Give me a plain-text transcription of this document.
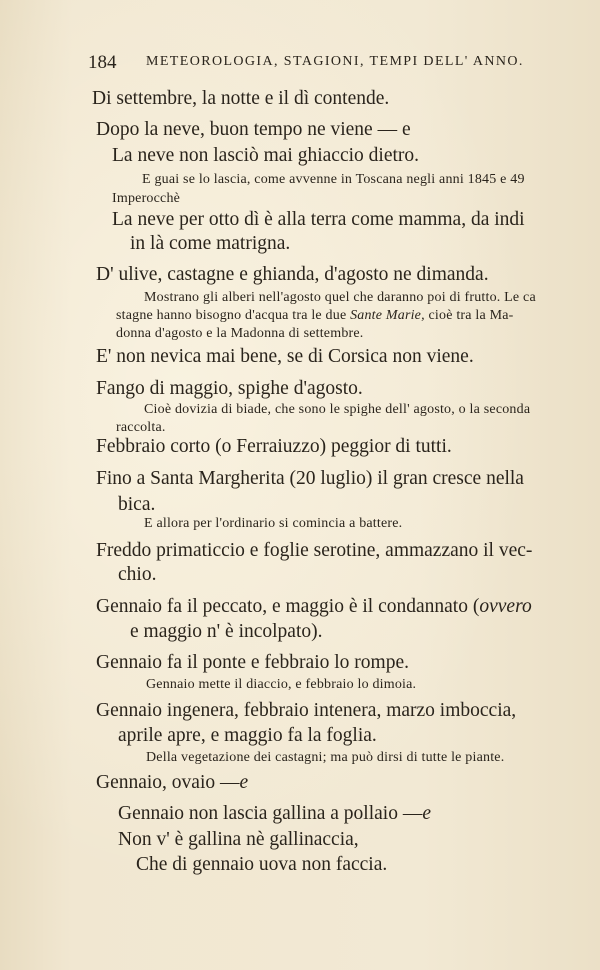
184 METEOROLOGIA, STAGIONI, TEMPI DELL' ANNO.
Di settembre, la notte e il dì contende.
Dopo la neve, buon tempo ne viene — e
La neve non lasciò mai ghiaccio dietro.
E guai se lo lascia, come avvenne in Toscana negli anni 1845 e 49
Imperocchè
La neve per otto dì è alla terra come mamma, da indi
in là come matrigna.
D' ulive, castagne e ghianda, d'agosto ne dimanda.
Mostrano gli alberi nell'agosto quel che daranno poi di frutto. Le ca
stagne hanno bisogno d'acqua tra le due Sante Marie, cioè tra la Ma-
donna d'agosto e la Madonna di settembre.
E' non nevica mai bene, se di Corsica non viene.
Fango di maggio, spighe d'agosto.
Cioè dovizia di biade, che sono le spighe dell' agosto, o la seconda
raccolta.
Febbraio corto (o Ferraiuzzo) peggior di tutti.
Fino a Santa Margherita (20 luglio) il gran cresce nella
bica.
E allora per l'ordinario si comincia a battere.
Freddo primaticcio e foglie serotine, ammazzano il vec-
chio.
Gennaio fa il peccato, e maggio è il condannato (ovvero
e maggio n' è incolpato).
Gennaio fa il ponte e febbraio lo rompe.
Gennaio mette il diaccio, e febbraio lo dimoia.
Gennaio ingenera, febbraio intenera, marzo imboccia,
aprile apre, e maggio fa la foglia.
Della vegetazione dei castagni; ma può dirsi di tutte le piante.
Gennaio, ovaio —e
Gennaio non lascia gallina a pollaio —e
Non v' è gallina nè gallinaccia,
Che di gennaio uova non faccia.
